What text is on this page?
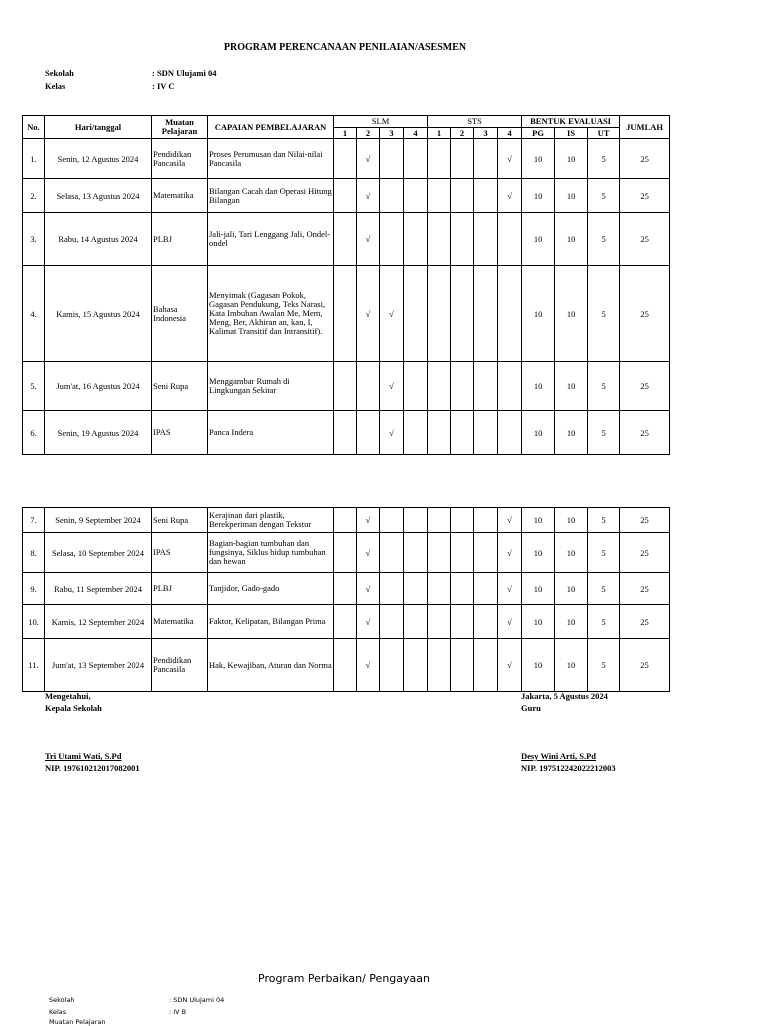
PROGRAM PERENCANAAN PENILAIAN/ASESMEN
Sekolah	: SDN Ulujami 04
Kelas	: IV C
No.	Hari/tanggal	Muatan Pelajaran	CAPAIAN PEMBELAJARAN	SLM				STS				BENTUK EVALUASI			JUMLAH
				1	2	3	4	1	2	3	4	PG	IS	UT	
1.	Senin, 12 Agustus 2024	Pendidikan Pancasila	Proses Perumusan dan Nilai-nilai Pancasila		√						√	10	10	5	25
2.	Selasa, 13 Agustus 2024	Matematika	Bilangan Cacah dan Operasi Hitung Bilangan		√						√	10	10	5	25
3.	Rabu, 14 Agustus 2024	PLBJ	Jali-jali, Tari Lenggang Jali, Ondel-ondel		√							10	10	5	25
4.	Kamis, 15 Agustus 2024	Bahasa Indonesia	Menyimak (Gagasan Pokok, Gagasan Pendukung, Teks Narasi, Kata Imbuhan Awalan Me, Mem, Meng, Ber, Akhiran an, kan, I, Kalimat Transitif dan Intransitif).		√	√						10	10	5	25
5.	Jum'at, 16 Agustus 2024	Seni Rupa	Menggambar Rumah di Lingkungan Sekitar			√						10	10	5	25
6.	Senin, 19 Agustus 2024	IPAS	Panca Indera			√						10	10	5	25
7.	Senin, 9 September 2024	Seni Rupa	Kerajinan dari plastik, Berekperiman dengan Tekstur		√						√	10	10	5	25
8.	Selasa, 10 September 2024	IPAS	Bagian-bagian tumbuhan dan fungsinya, Siklus hidup tumbuhan dan hewan		√						√	10	10	5	25
9.	Rabu, 11 September 2024	PLBJ	Tanjidor, Gado-gado		√						√	10	10	5	25
10.	Kamis, 12 September 2024	Matematika	Faktor, Kelipatan, Bilangan Prima		√						√	10	10	5	25
11.	Jum'at, 13 September 2024	Pendidikan Pancasila	Hak, Kewajiban, Aturan dan Norma		√						√	10	10	5	25
Mengetahui,
Kepala Sekolah
Tri Utami Wati, S.Pd
NIP. 197610212017082001
Jakarta, 5 Agustus 2024
Guru
Desy Wini Arti, S.Pd
NIP. 197512242022212003
Program Perbaikan/ Pengayaan
Sekolah	: SDN Ulujami 04
Kelas	: IV B
Muatan Pelajaran
